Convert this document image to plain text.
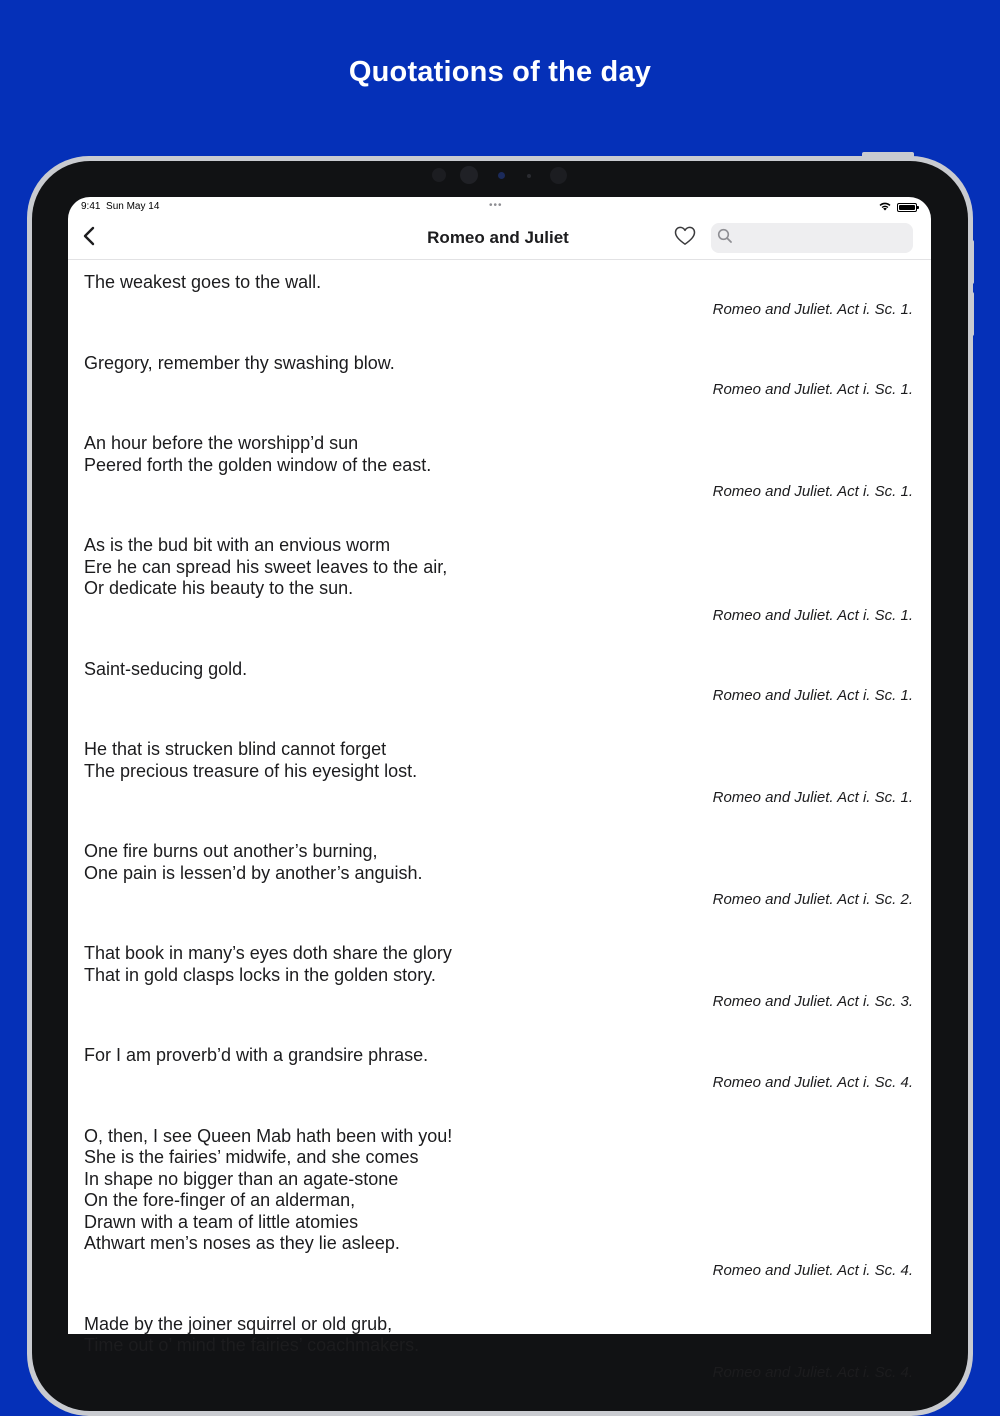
Quotations of the day
9:41 Sun May 14	•••
Romeo and Juliet

The weakest goes to the wall.

Romeo and Juliet. Act i. Sc. 1.

Gregory, remember thy swashing blow.

Romeo and Juliet. Act i. Sc. 1.

An hour before the worshipp’d sun
Peered forth the golden window of the east.

Romeo and Juliet. Act i. Sc. 1.

As is the bud bit with an envious worm
Ere he can spread his sweet leaves to the air,
Or dedicate his beauty to the sun.

Romeo and Juliet. Act i. Sc. 1.

Saint-seducing gold.

Romeo and Juliet. Act i. Sc. 1.

He that is strucken blind cannot forget
The precious treasure of his eyesight lost.

Romeo and Juliet. Act i. Sc. 1.

One fire burns out another’s burning,
One pain is lessen’d by another’s anguish.

Romeo and Juliet. Act i. Sc. 2.

That book in many’s eyes doth share the glory
That in gold clasps locks in the golden story.

Romeo and Juliet. Act i. Sc. 3.

For I am proverb’d with a grandsire phrase.

Romeo and Juliet. Act i. Sc. 4.

O, then, I see Queen Mab hath been with you!
She is the fairies’ midwife, and she comes
In shape no bigger than an agate-stone
On the fore-finger of an alderman,
Drawn with a team of little atomies
Athwart men’s noses as they lie asleep.

Romeo and Juliet. Act i. Sc. 4.

Made by the joiner squirrel or old grub,
Time out o’ mind the fairies’ coachmakers.

Romeo and Juliet. Act i. Sc. 4.
